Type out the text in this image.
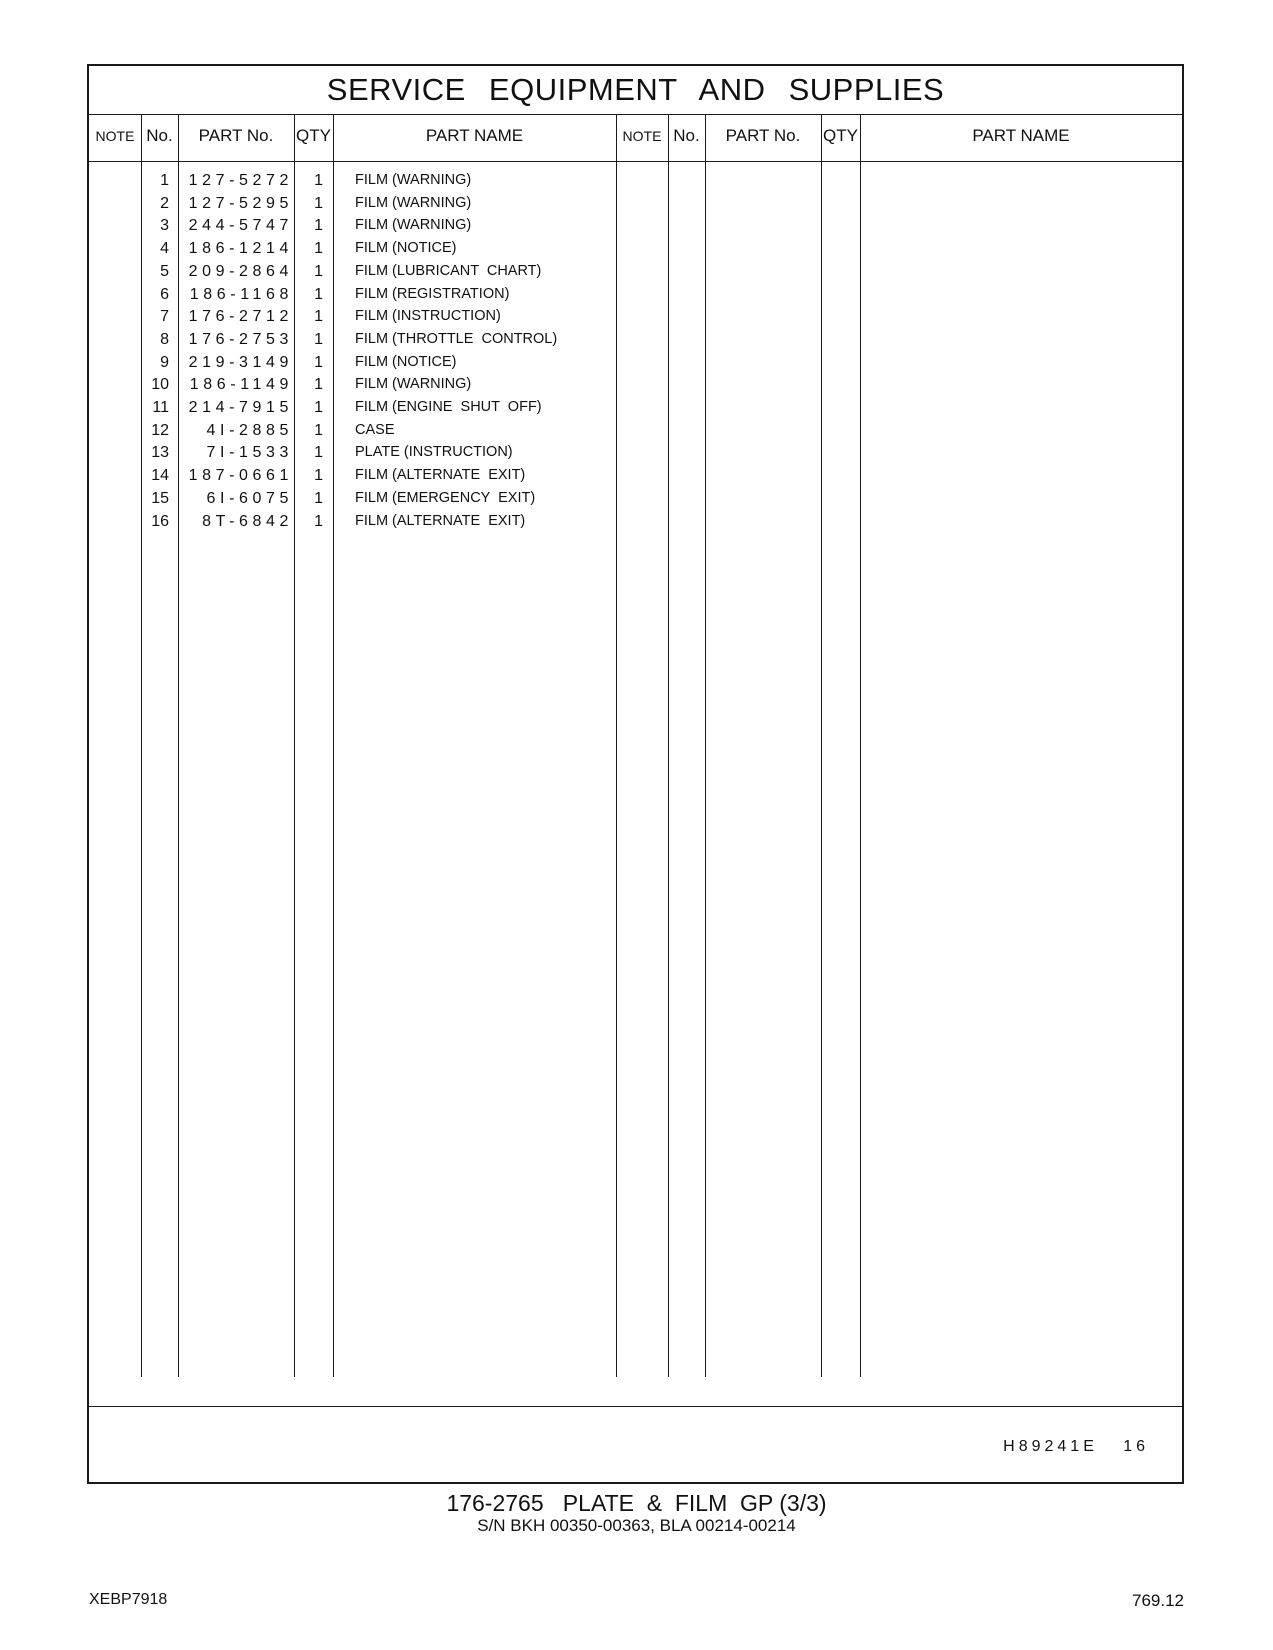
SERVICE EQUIPMENT AND SUPPLIES
NOTE No.	PART No.	QTY	PART NAME	NOTE No.	PART No.	QTY	PART NAME
1	127-5272	1 FILM (WARNING)
2	127-5295	1 FILM (WARNING)
3	244-5747	1 FILM (WARNING)
4	186-1214	1 FILM (NOTICE)
5	209-2864	1 FILM (LUBRICANT  CHART)
6	186-1168	1 FILM (REGISTRATION)
7	176-2712	1 FILM (INSTRUCTION)
8	176-2753	1 FILM (THROTTLE  CONTROL)
9	219-3149	1 FILM (NOTICE)
10	186-1149	1 FILM (WARNING)
11	214-7915	1 FILM (ENGINE  SHUT  OFF)
12	4I-2885	1 CASE
13	7I-1533	1 PLATE (INSTRUCTION)
14	187-0661	1 FILM (ALTERNATE  EXIT)
15	6I-6075	1 FILM (EMERGENCY  EXIT)
16	8T-6842	1 FILM (ALTERNATE  EXIT)
H89241E   16
176-2765   PLATE  &  FILM  GP (3/3)
S/N BKH 00350-00363, BLA 00214-00214
XEBP7918	769.12
